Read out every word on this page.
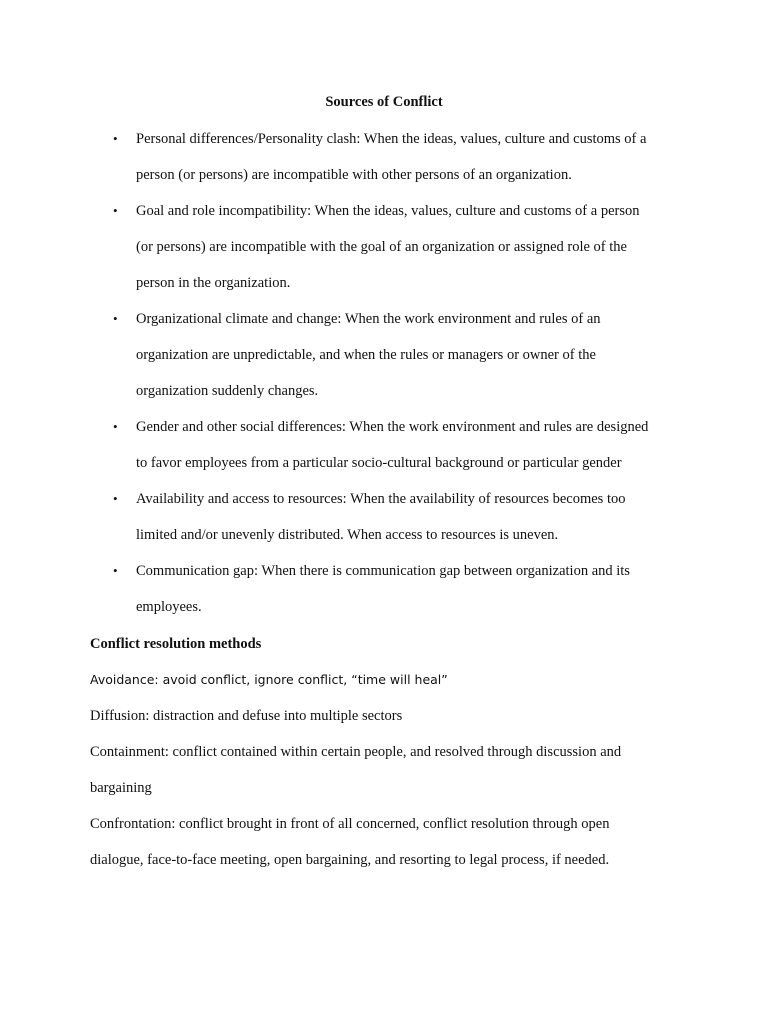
Sources of Conflict
• Personal differences/Personality clash: When the ideas, values, culture and customs of a
person (or persons) are incompatible with other persons of an organization.
• Goal and role incompatibility: When the ideas, values, culture and customs of a person
(or persons) are incompatible with the goal of an organization or assigned role of the
person in the organization.
• Organizational climate and change: When the work environment and rules of an
organization are unpredictable, and when the rules or managers or owner of the
organization suddenly changes.
• Gender and other social differences: When the work environment and rules are designed
to favor employees from a particular socio-cultural background or particular gender
• Availability and access to resources: When the availability of resources becomes too
limited and/or unevenly distributed. When access to resources is uneven.
• Communication gap: When there is communication gap between organization and its
employees.
Conflict resolution methods
Avoidance: avoid conflict, ignore conflict, “time will heal”
Diffusion: distraction and defuse into multiple sectors
Containment: conflict contained within certain people, and resolved through discussion and
bargaining
Confrontation: conflict brought in front of all concerned, conflict resolution through open
dialogue, face-to-face meeting, open bargaining, and resorting to legal process, if needed.
